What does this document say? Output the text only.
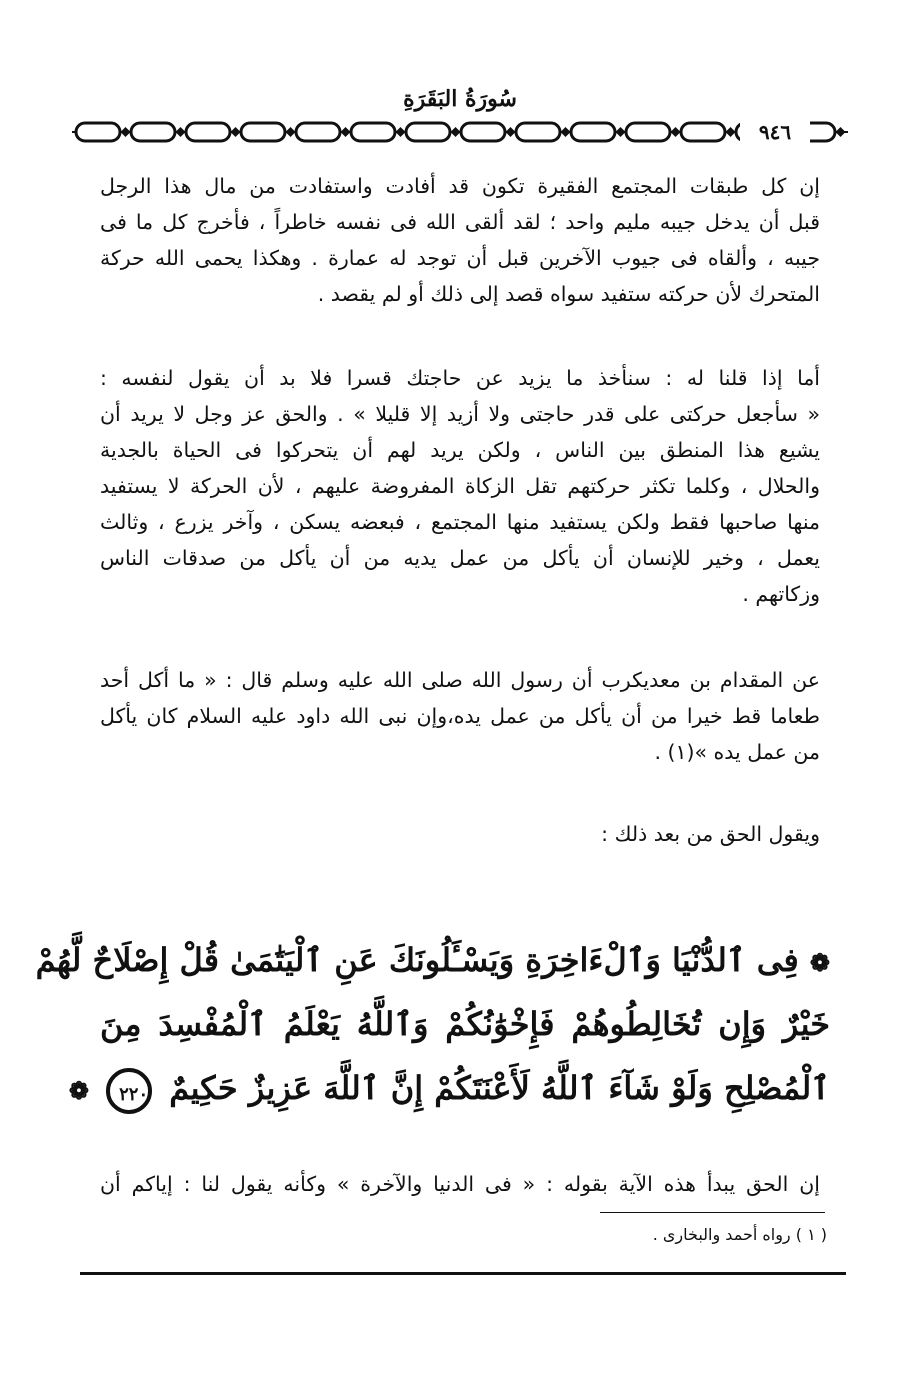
سُورَةُ البَقَرَةِ
٩٤٦
إن كل طبقات المجتمع الفقيرة تكون قد أفادت واستفادت من مال هذا الرجل
قبل أن يدخل جيبه مليم واحد ؛ لقد ألقى الله فى نفسه خاطراً ، فأخرج كل ما فى
جيبه ، وألقاه فى جيوب الآخرين قبل أن توجد له عمارة . وهكذا يحمى الله حركة
المتحرك لأن حركته ستفيد سواه قصد إلى ذلك أو لم يقصد .
أما إذا قلنا له : سنأخذ ما يزيد عن حاجتك قسرا فلا بد أن يقول لنفسه :
« سأجعل حركتى على قدر حاجتى ولا أزيد إلا قليلا » . والحق عز وجل لا يريد أن
يشيع هذا المنطق بين الناس ، ولكن يريد لهم أن يتحركوا فى الحياة بالجدية
والحلال ، وكلما تكثر حركتهم تقل الزكاة المفروضة عليهم ، لأن الحركة لا يستفيد
منها صاحبها فقط ولكن يستفيد منها المجتمع ، فبعضه يسكن ، وآخر يزرع ، وثالث
يعمل ، وخير للإنسان أن يأكل من عمل يديه من أن يأكل من صدقات الناس
وزكاتهم .
عن المقدام بن معديكرب أن رسول الله صلى الله عليه وسلم قال : « ما أكل أحد
طعاما قط خيرا من أن يأكل من عمل يده،وإن نبى الله داود عليه السلام كان يأكل
من عمل يده »(١) .
ويقول الحق من بعد ذلك :
❁ فِى ٱلدُّنْيَا وَٱلْءَاخِرَةِ وَيَسْـَٔلُونَكَ عَنِ ٱلْيَتَٰمَىٰ قُلْ إِصْلَاحٌ لَّهُمْ
خَيْرٌ وَإِن تُخَالِطُوهُمْ فَإِخْوَٰنُكُمْ وَٱللَّهُ يَعْلَمُ ٱلْمُفْسِدَ مِنَ
ٱلْمُصْلِحِ وَلَوْ شَآءَ ٱللَّهُ لَأَعْنَتَكُمْ إِنَّ ٱللَّهَ عَزِيزٌ حَكِيمٌ ٢٢٠ ❁
إن الحق يبدأ هذه الآية بقوله : « فى الدنيا والآخرة » وكأنه يقول لنا : إياكم أن
( ١ ) رواه أحمد والبخارى .
